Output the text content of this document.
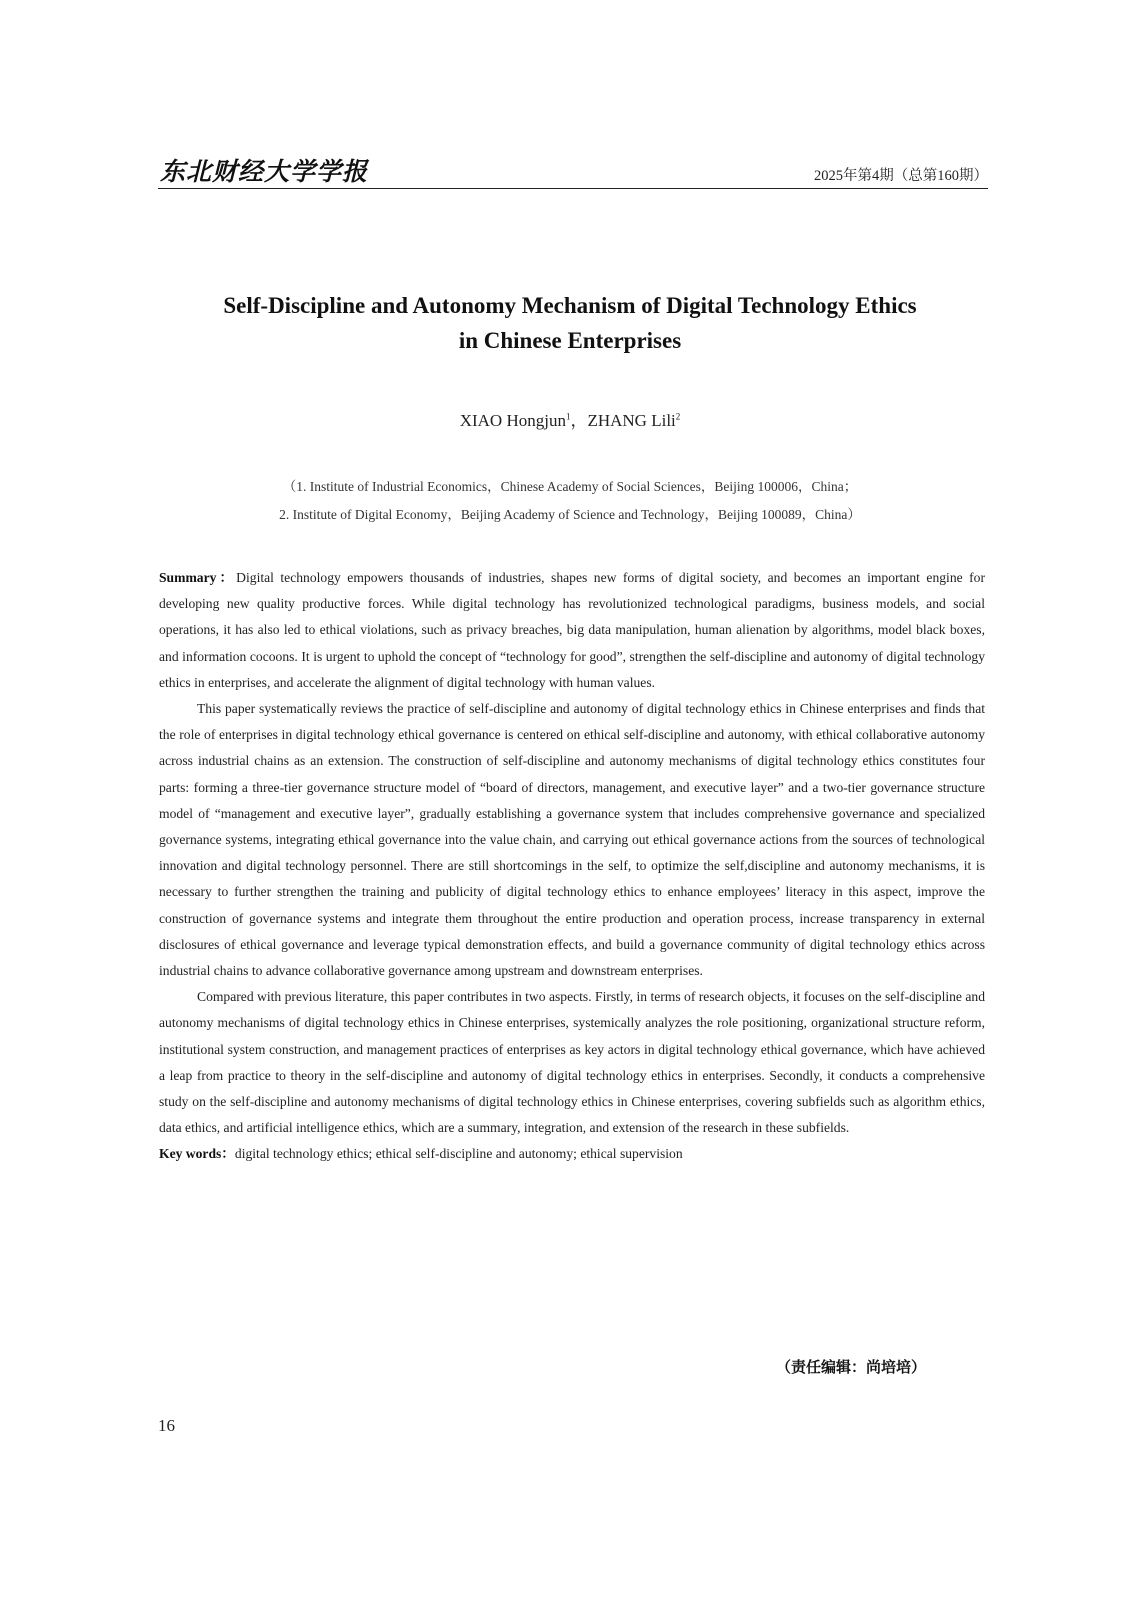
东北财经大学学报	2025年第4期（总第160期）
Self-Discipline and Autonomy Mechanism of Digital Technology Ethics
in Chinese Enterprises
XIAO Hongjun$^1$，ZHANG Lili$^2$
（1. Institute of Industrial Economics，Chinese Academy of Social Sciences，Beijing 100006，China；
2. Institute of Digital Economy，Beijing Academy of Science and Technology，Beijing 100089，China）

Summary：Digital technology empowers thousands of industries, shapes new forms of digital society, and becomes an important engine for developing new quality productive forces. While digital technology has revolutionized technological paradigms, business models, and social operations, it has also led to ethical violations, such as privacy breaches, big data manipulation, human alienation by algorithms, model black boxes, and information cocoons. It is urgent to uphold the concept of “technology for good”, strengthen the self-discipline and autonomy of digital technology ethics in enterprises, and accelerate the alignment of digital technology with human values.

This paper systematically reviews the practice of self-discipline and autonomy of digital technology ethics in Chinese enterprises and finds that the role of enterprises in digital technology ethical governance is centered on ethical self-discipline and autonomy, with ethical collaborative autonomy across industrial chains as an extension. The construction of self-discipline and autonomy mechanisms of digital technology ethics constitutes four parts: forming a three-tier governance structure model of “board of directors, management, and executive layer” and a two-tier governance structure model of “management and executive layer”, gradually establishing a governance system that includes comprehensive governance and specialized governance systems, integrating ethical governance into the value chain, and carrying out ethical governance actions from the sources of technological innovation and digital technology personnel. There are still shortcomings in the self, to optimize the self,discipline and autonomy mechanisms, it is necessary to further strengthen the training and publicity of digital technology ethics to enhance employees’ literacy in this aspect, improve the construction of governance systems and integrate them throughout the entire production and operation process, increase transparency in external disclosures of ethical governance and leverage typical demonstration effects, and build a governance community of digital technology ethics across industrial chains to advance collaborative governance among upstream and downstream enterprises.

Compared with previous literature, this paper contributes in two aspects. Firstly, in terms of research objects, it focuses on the self-discipline and autonomy mechanisms of digital technology ethics in Chinese enterprises, systemically analyzes the role positioning, organizational structure reform, institutional system construction, and management practices of enterprises as key actors in digital technology ethical governance, which have achieved a leap from practice to theory in the self-discipline and autonomy of digital technology ethics in enterprises. Secondly, it conducts a comprehensive study on the self-discipline and autonomy mechanisms of digital technology ethics in Chinese enterprises, covering subfields such as algorithm ethics, data ethics, and artificial intelligence ethics, which are a summary, integration, and extension of the research in these subfields.

Key words：digital technology ethics; ethical self-discipline and autonomy; ethical supervision

（责任编辑：尚培培）
16
